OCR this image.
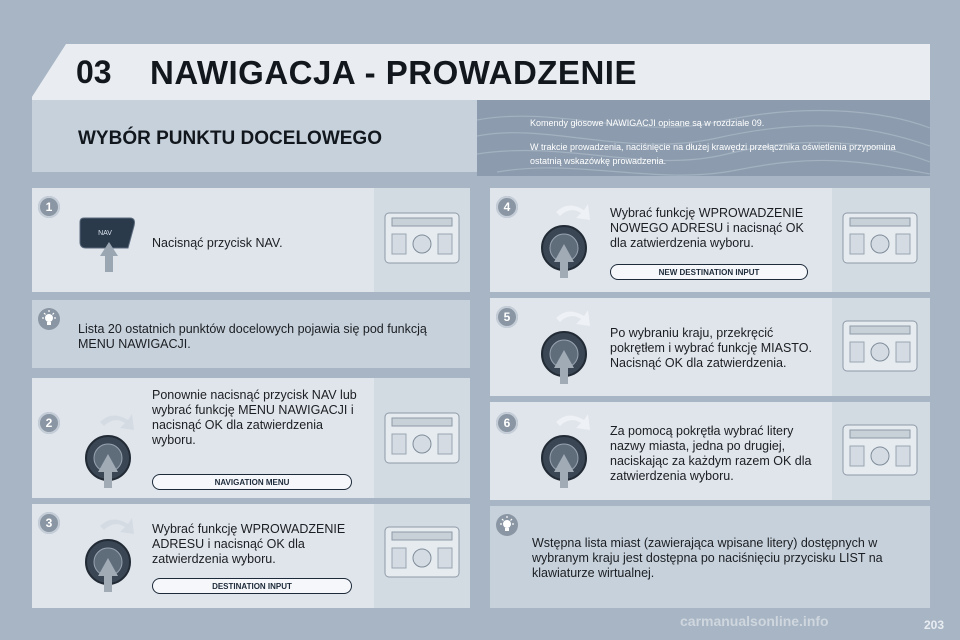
03 NAWIGACJA - PROWADZENIE
WYBÓR PUNKTU DOCELOWEGO
Komendy głosowe NAWIGACJI opisane są w rozdziale 09.
W trakcie prowadzenia, naciśnięcie na dłużej krawędzi przełącznika oświetlenia przypomina ostatnią wskazówkę prowadzenia.
1
NAV
Nacisnąć przycisk NAV.
Lista 20 ostatnich punktów docelowych pojawia się pod funkcją MENU NAWIGACJI.
2
Ponownie nacisnąć przycisk NAV lub wybrać funkcję MENU NAWIGACJI i nacisnąć OK dla zatwierdzenia wyboru.
NAVIGATION MENU
3	Wybrać funkcję WPROWADZENIE ADRESU i nacisnąć OK dla zatwierdzenia wyboru.
DESTINATION INPUT
4	Wybrać funkcję WPROWADZENIE NOWEGO ADRESU i nacisnąć OK dla zatwierdzenia wyboru.
NEW DESTINATION INPUT
5
Po wybraniu kraju, przekręcić pokrętłem i wybrać funkcję MIASTO. Nacisnąć OK dla zatwierdzenia.
6
Za pomocą pokrętła wybrać litery nazwy miasta, jedna po drugiej, naciskając za każdym razem OK dla zatwierdzenia wyboru.
Wstępna lista miast (zawierająca wpisane litery) dostępnych w wybranym kraju jest dostępna po naciśnięciu przycisku LIST na klawiaturze wirtualnej.
carmanualsonline.info	203
